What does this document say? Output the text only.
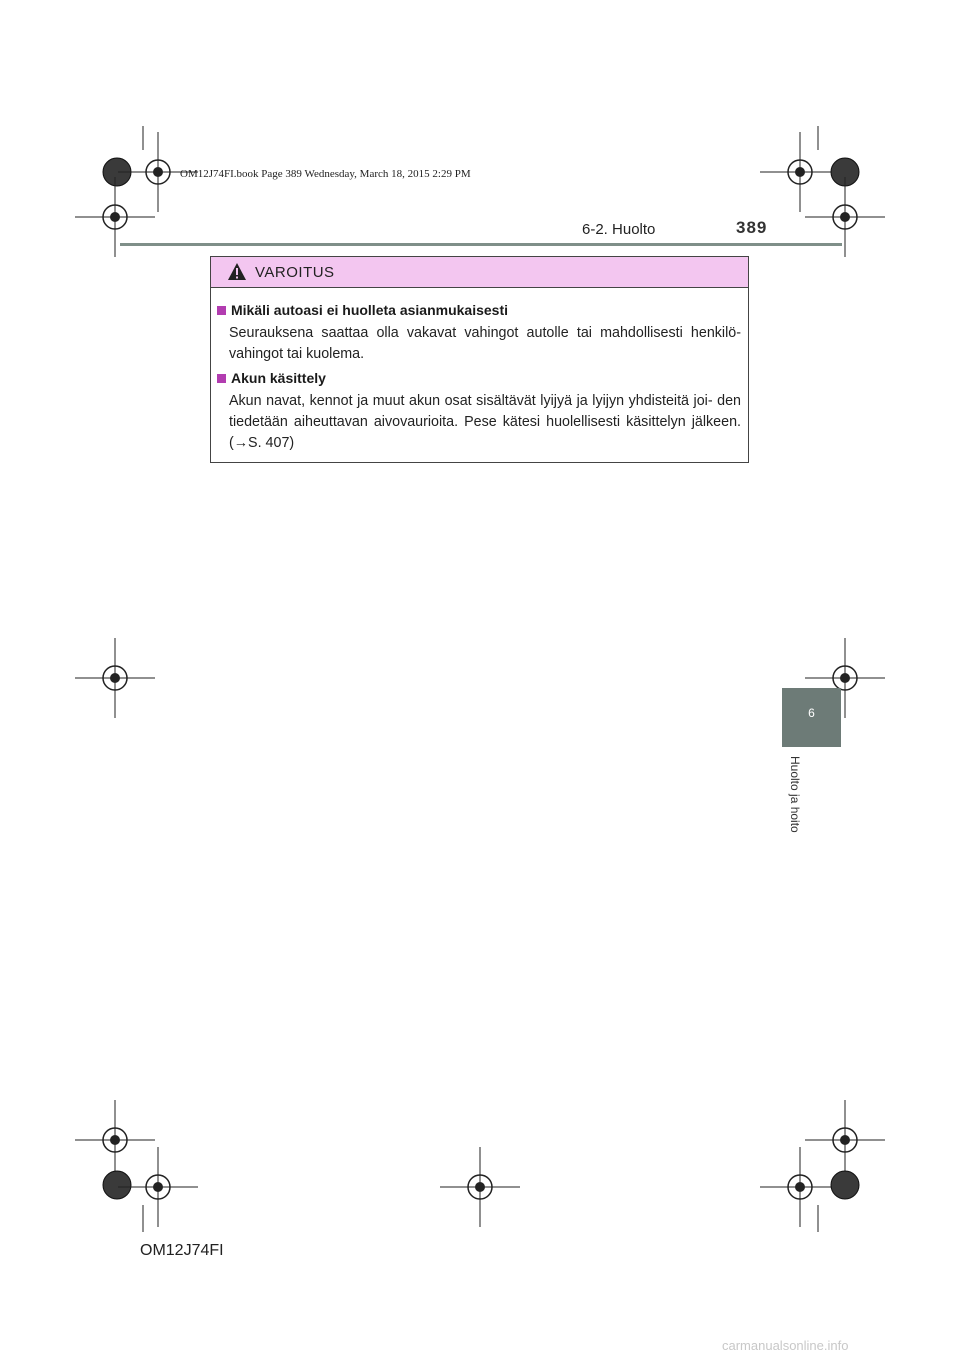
OM12J74FI.book Page 389 Wednesday, March 18, 2015 2:29 PM
6-2. Huolto	389
VAROITUS
Mikäli autoasi ei huolleta asianmukaisesti
Seurauksena saattaa olla vakavat vahingot autolle tai mahdollisesti henkilö- vahingot tai kuolema.
Akun käsittely
Akun navat, kennot ja muut akun osat sisältävät lyijyä ja lyijyn yhdisteitä joi- den tiedetään aiheuttavan aivovaurioita. Pese kätesi huolellisesti käsittelyn jälkeen. (→S. 407)
6
Huolto ja hoito
OM12J74FI
carmanualsonline.info
